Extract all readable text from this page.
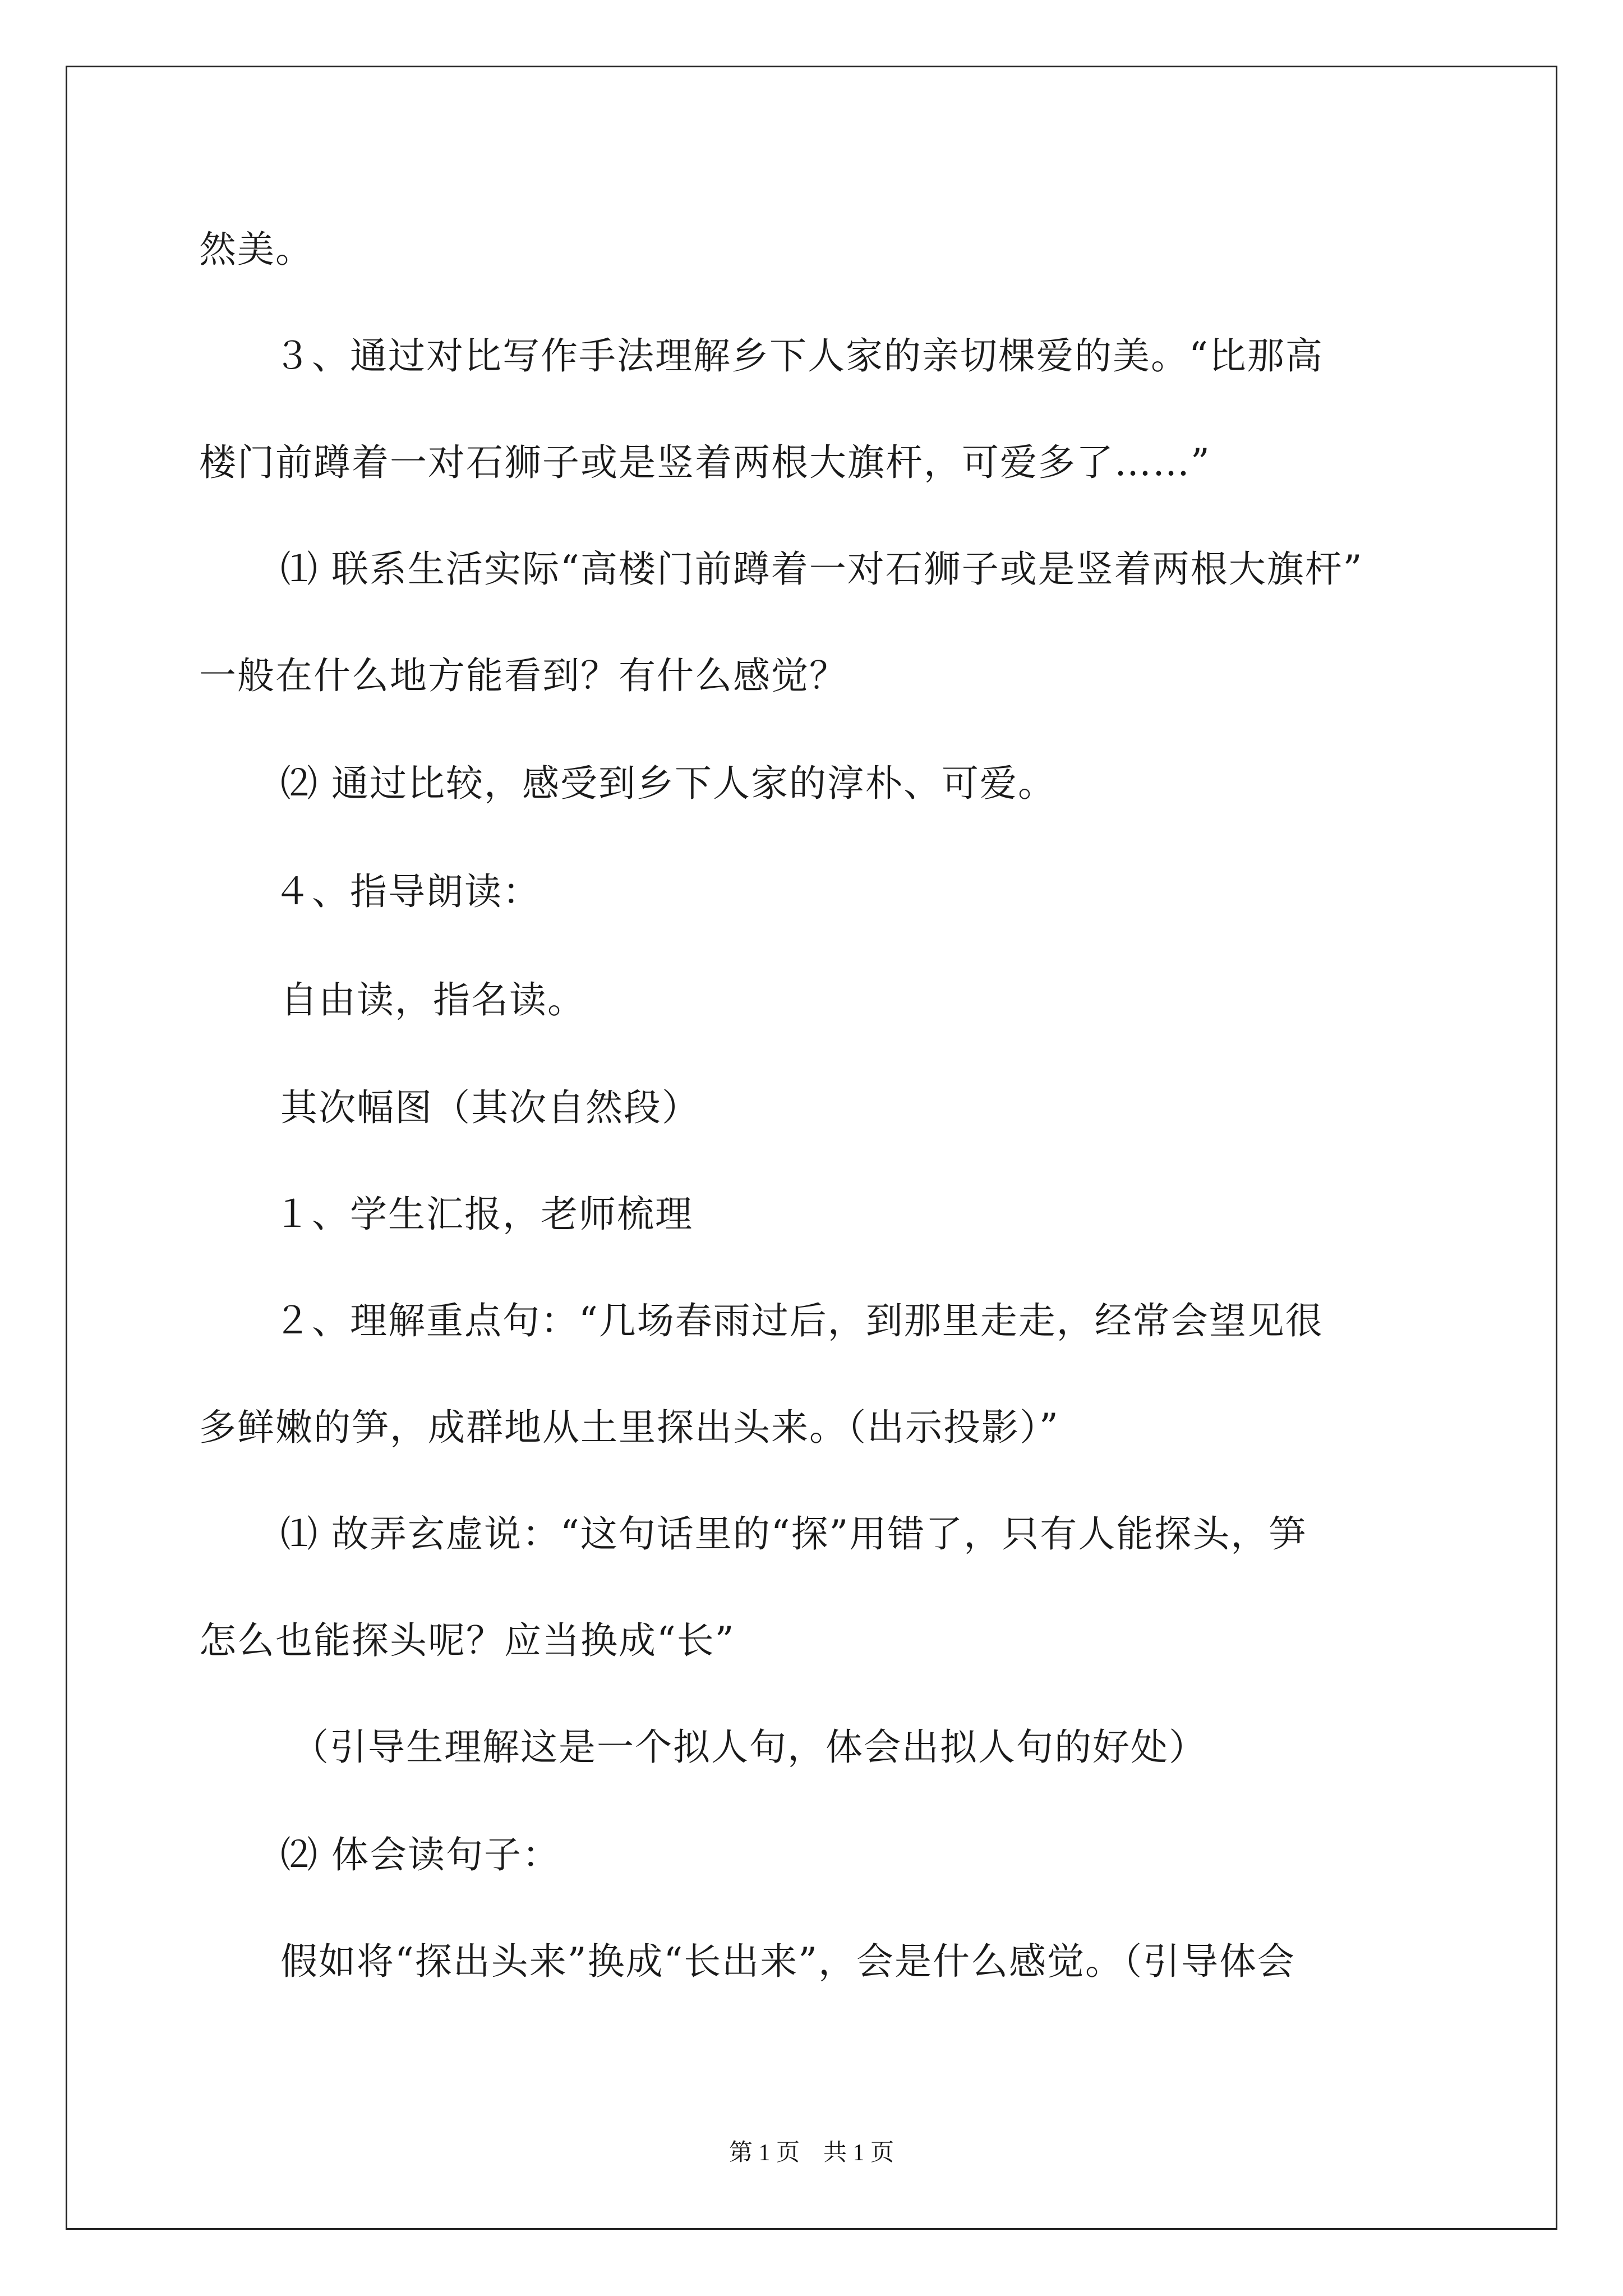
然美。
３、通过对比写作手法理解乡下人家的亲切棵爱的美。“比那高
楼门前蹲着一对石狮子或是竖着两根大旗杆，可爱多了……”
⑴ 联系生活实际“高楼门前蹲着一对石狮子或是竖着两根大旗杆”
一般在什么地方能看到？有什么感觉？
⑵ 通过比较，感受到乡下人家的淳朴、可爱。
４、指导朗读：
自由读，指名读。
其次幅图（其次自然段）
１、学生汇报，老师梳理
２、理解重点句：“几场春雨过后，到那里走走，经常会望见很
多鲜嫩的笋，成群地从土里探出头来。（出示投影）”
⑴ 故弄玄虚说：“这句话里的“探”用错了，只有人能探头，笋
怎么也能探头呢？应当换成“长”
（引导生理解这是一个拟人句，体会出拟人句的好处）
⑵ 体会读句子：
假如将“探出头来”换成“长出来”，会是什么感觉。（引导体会
第 1 页　共 1 页
